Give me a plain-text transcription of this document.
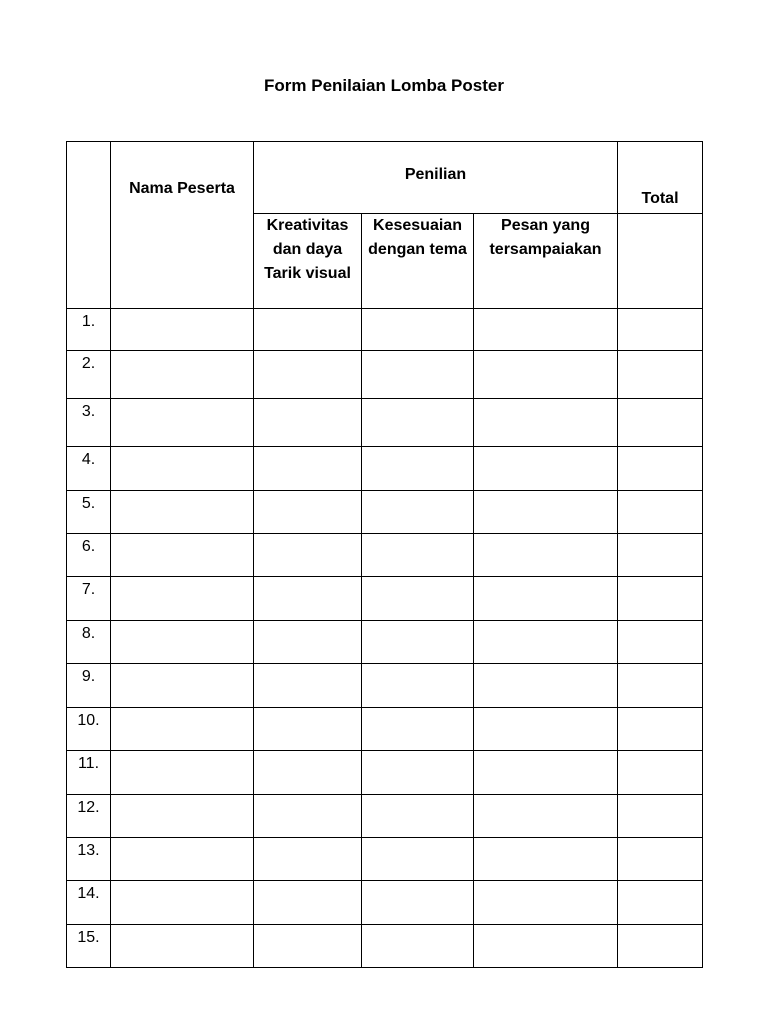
Form Penilaian Lomba Poster
	Nama Peserta	Penilian			Total
		Kreativitas dan daya Tarik visual	Kesesuaian dengan tema	Pesan yang tersampaiakan	
1.					
2.					
3.					
4.					
5.					
6.					
7.					
8.					
9.					
10.					
11.					
12.					
13.					
14.					
15.					
